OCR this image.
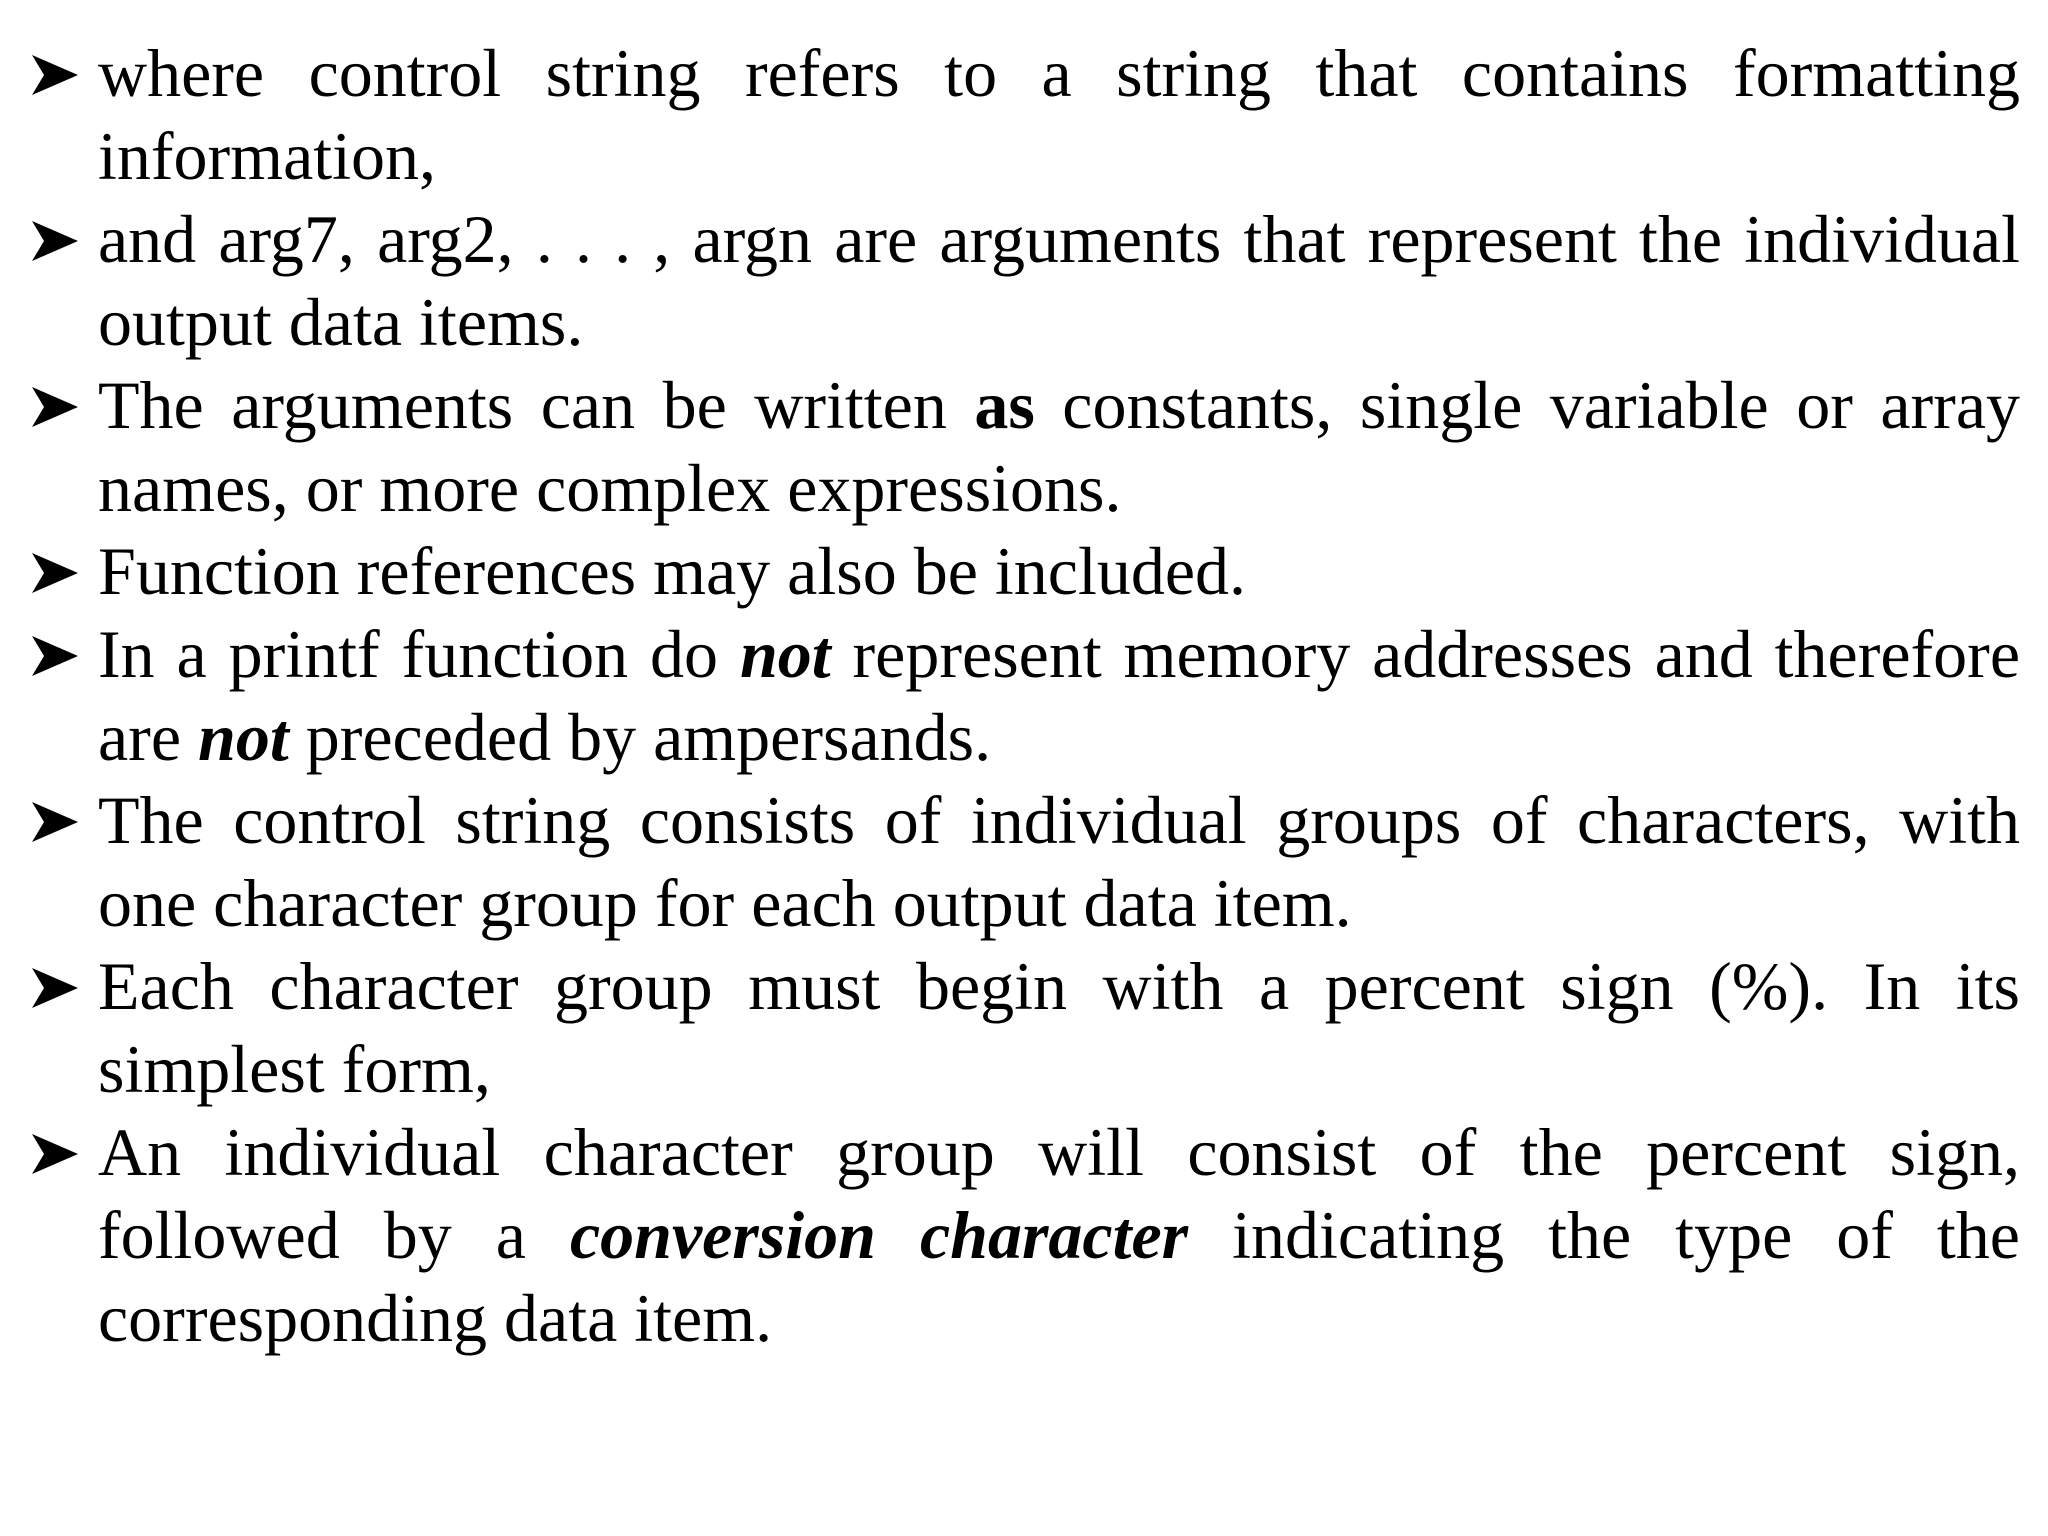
where control string refers to a string that contains formatting information,
and arg7, arg2, . . . , argn are arguments that represent the individual output data items.
The arguments can be written as constants, single variable or array names, or more complex expressions.
Function references may also be included.
In a printf function do not represent memory addresses and therefore are not preceded by ampersands.
The control string consists of individual groups of characters, with one character group for each output data item.
Each character group must begin with a percent sign (%). In its simplest form,
An individual character group will consist of the percent sign, followed by a conversion character indicating the type of the corresponding data item.
